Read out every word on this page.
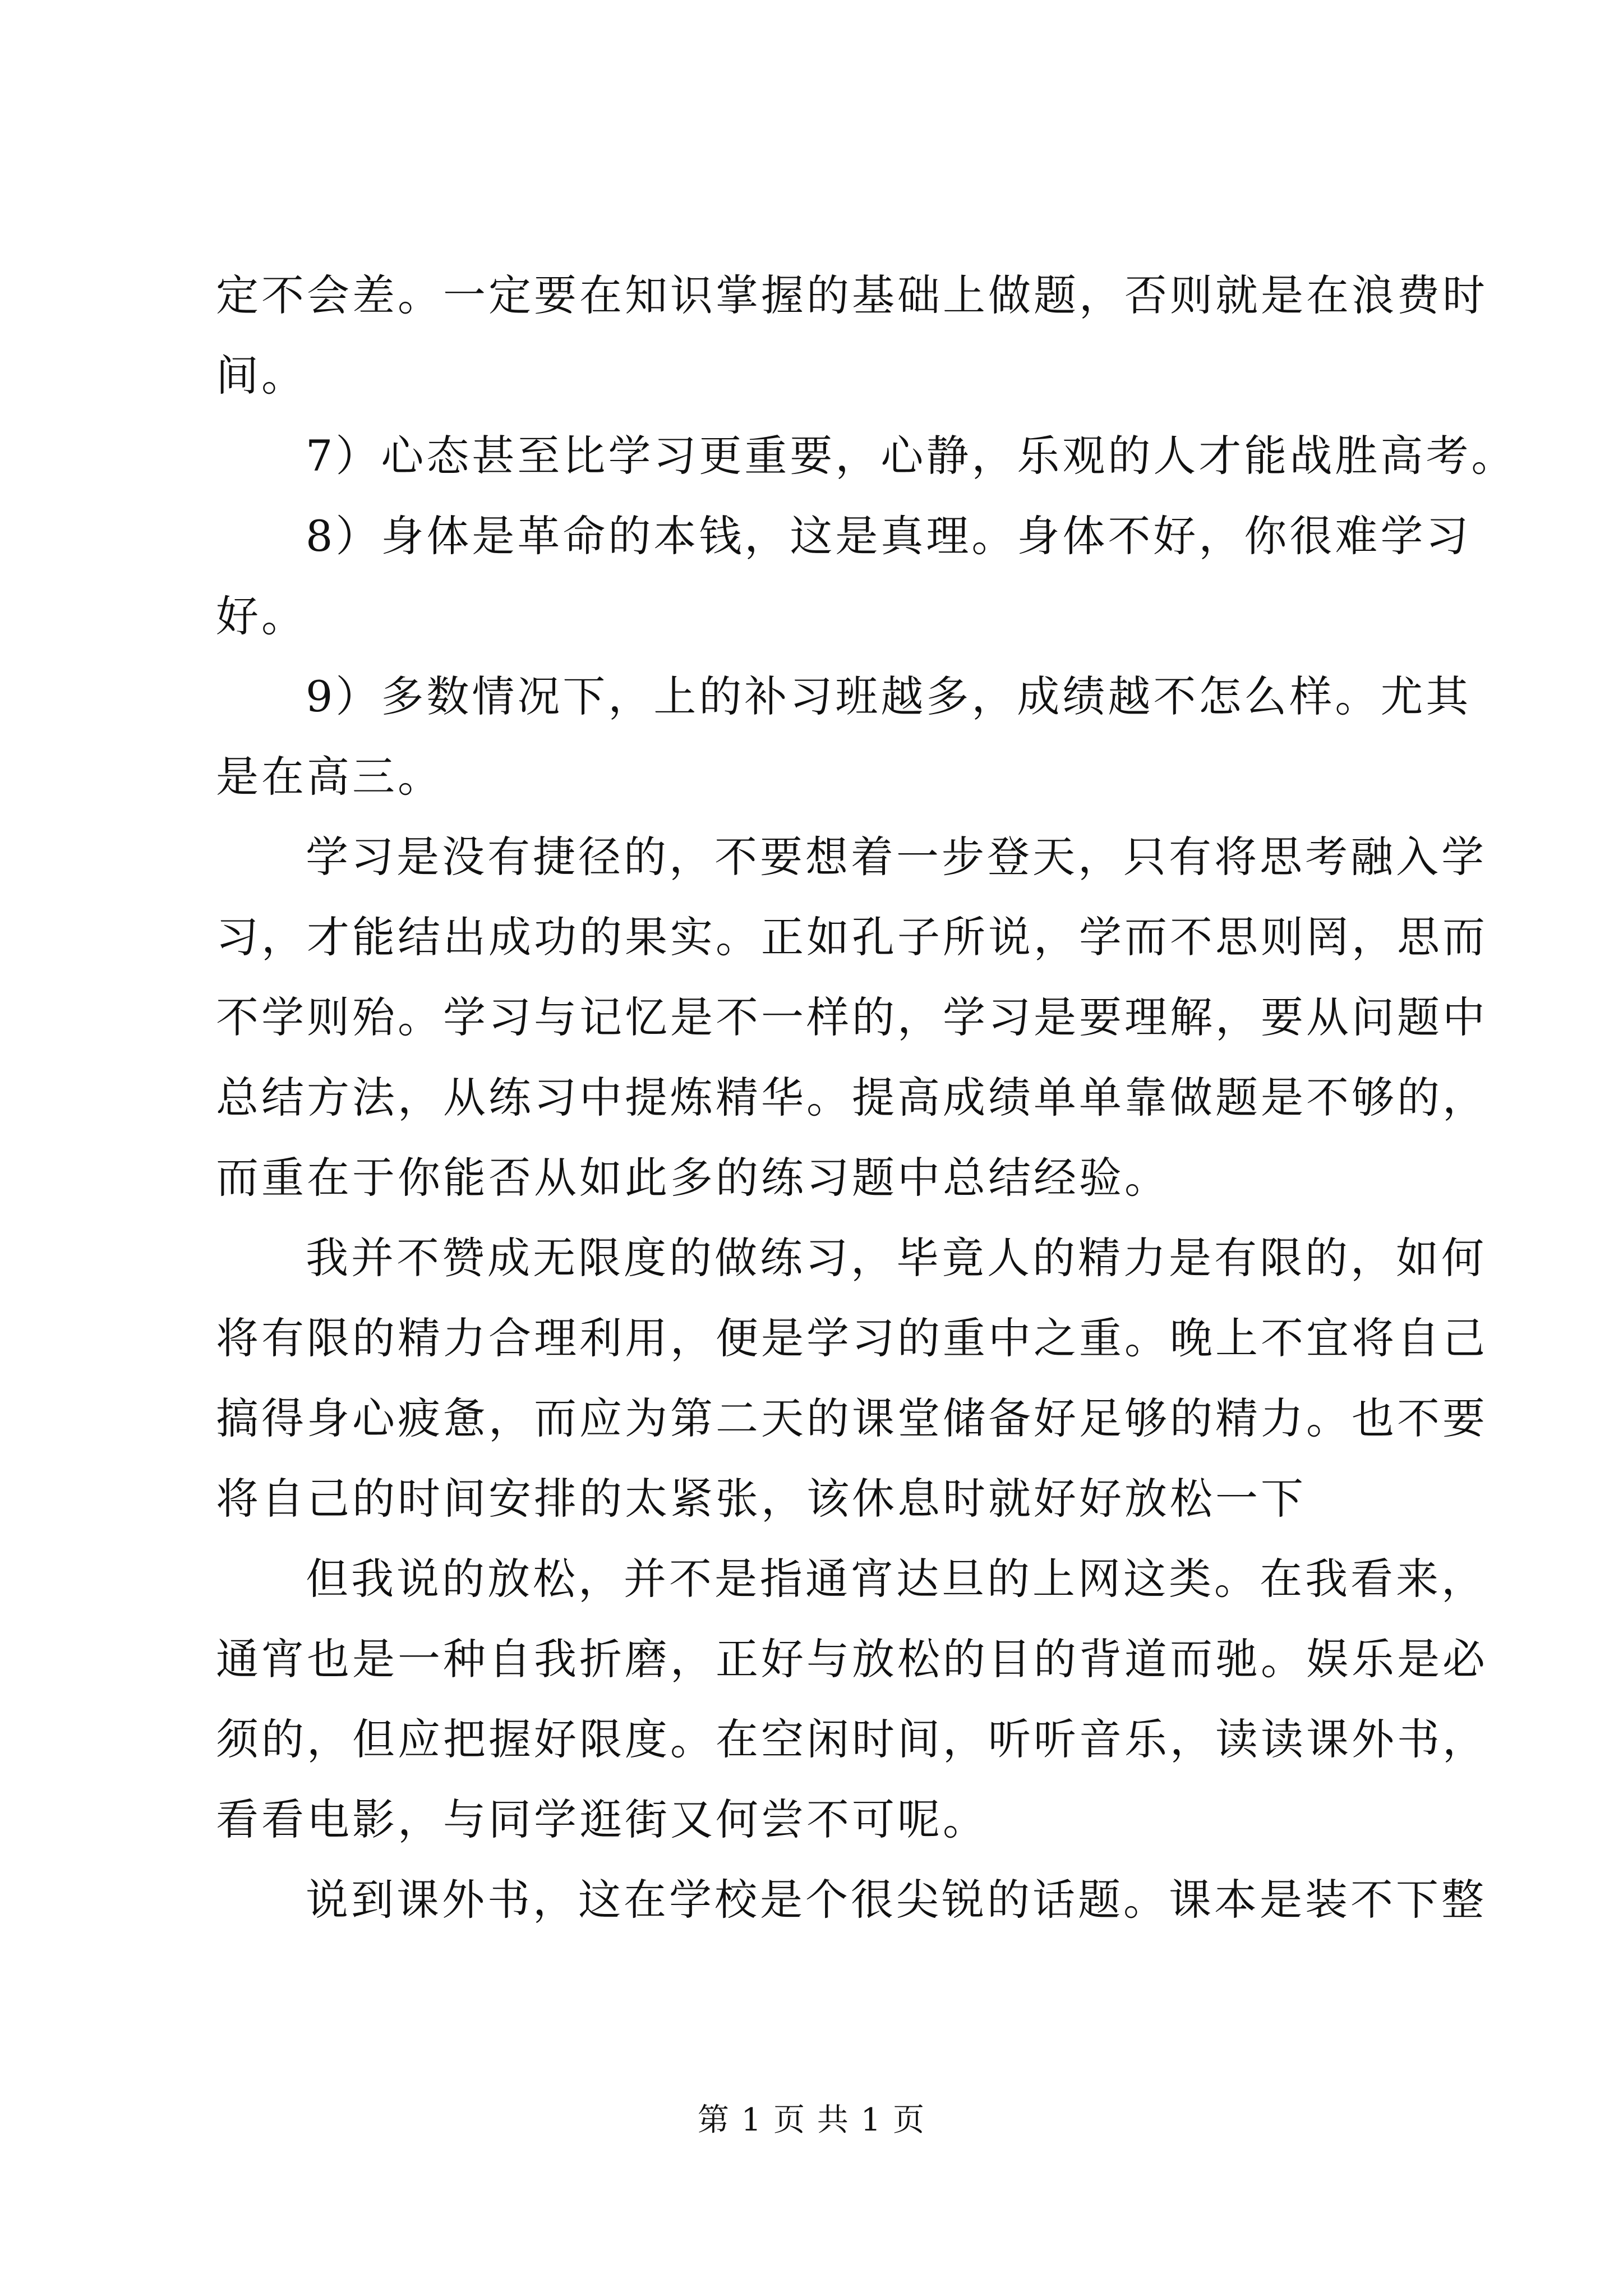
定不会差。一定要在知识掌握的基础上做题，否则就是在浪费时
间。
7）心态甚至比学习更重要，心静，乐观的人才能战胜高考。
8）身体是革命的本钱，这是真理。身体不好，你很难学习
好。
9）多数情况下，上的补习班越多，成绩越不怎么样。尤其
是在高三。
学习是没有捷径的，不要想着一步登天，只有将思考融入学
习，才能结出成功的果实。正如孔子所说，学而不思则罔，思而
不学则殆。学习与记忆是不一样的，学习是要理解，要从问题中
总结方法，从练习中提炼精华。提高成绩单单靠做题是不够的，
而重在于你能否从如此多的练习题中总结经验。
我并不赞成无限度的做练习，毕竟人的精力是有限的，如何
将有限的精力合理利用，便是学习的重中之重。晚上不宜将自己
搞得身心疲惫，而应为第二天的课堂储备好足够的精力。也不要
将自己的时间安排的太紧张，该休息时就好好放松一下
但我说的放松，并不是指通宵达旦的上网这类。在我看来，
通宵也是一种自我折磨，正好与放松的目的背道而驰。娱乐是必
须的，但应把握好限度。在空闲时间，听听音乐，读读课外书，
看看电影，与同学逛街又何尝不可呢。
说到课外书，这在学校是个很尖锐的话题。课本是装不下整
第 1 页 共 1 页
